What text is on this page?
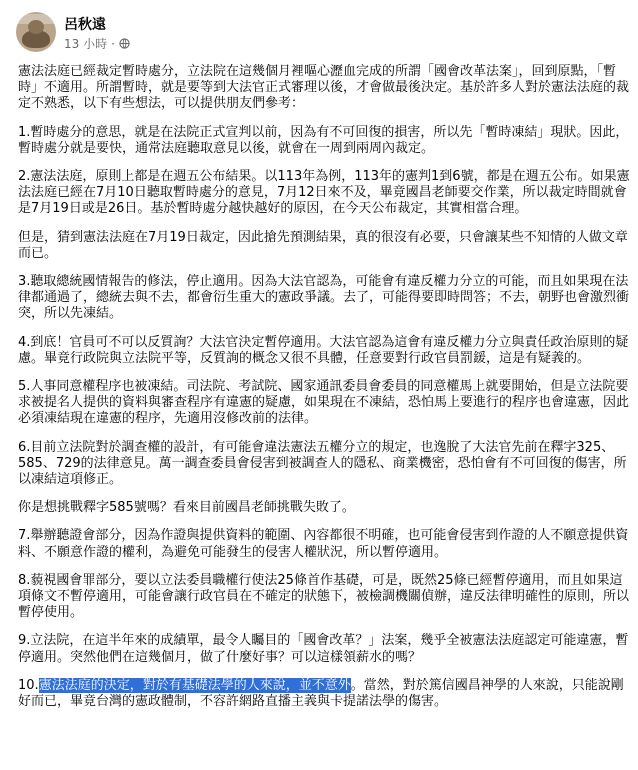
呂秋遠
13 小時 ·

憲法法庭已經裁定暫時處分，立法院在這幾個月裡嘔心瀝血完成的所謂「國會改革法案」，回到原點，「暫時」不適用。所謂暫時，就是要等到大法官正式審理以後，才會做最後決定。基於許多人對於憲法法庭的裁定不熟悉，以下有些想法，可以提供朋友們參考：

1.暫時處分的意思，就是在法院正式宣判以前，因為有不可回復的損害，所以先「暫時凍結」現狀。因此，暫時處分就是要快，通常法庭聽取意見以後，就會在一周到兩周內裁定。

2.憲法法庭，原則上都是在週五公布結果。以113年為例，113年的憲判1到6號，都是在週五公布。如果憲法法庭已經在7月10日聽取暫時處分的意見，7月12日來不及，畢竟國昌老師要交作業，所以裁定時間就會是7月19日或是26日。基於暫時處分越快越好的原因，在今天公布裁定，其實相當合理。

但是，猜到憲法法庭在7月19日裁定，因此搶先預測結果，真的很沒有必要，只會讓某些不知情的人做文章而已。

3.聽取總統國情報告的修法，停止適用。因為大法官認為，可能會有違反權力分立的可能，而且如果現在法律都通過了，總統去與不去，都會衍生重大的憲政爭議。去了，可能得要即時問答；不去，朝野也會激烈衝突，所以先凍結。

4.到底！官員可不可以反質詢？大法官決定暫停適用。大法官認為這會有違反權力分立與責任政治原則的疑慮。畢竟行政院與立法院平等，反質詢的概念又很不具體，任意要對行政官員罰鍰，這是有疑義的。

5.人事同意權程序也被凍結。司法院、考試院、國家通訊委員會委員的同意權馬上就要開始，但是立法院要求被提名人提供的資料與審查程序有違憲的疑慮，如果現在不凍結，恐怕馬上要進行的程序也會違憲，因此必須凍結現在違憲的程序，先適用沒修改前的法律。

6.目前立法院對於調查權的設計，有可能會違法憲法五權分立的規定，也逸脫了大法官先前在釋字325、585、729的法律意見。萬一調查委員會侵害到被調查人的隱私、商業機密，恐怕會有不可回復的傷害，所以凍結這項修正。

你是想挑戰釋字585號嗎？看來目前國昌老師挑戰失敗了。

7.舉辦聽證會部分，因為作證與提供資料的範圍、內容都很不明確，也可能會侵害到作證的人不願意提供資料、不願意作證的權利，為避免可能發生的侵害人權狀況，所以暫停適用。

8.藐視國會罪部分，要以立法委員職權行使法25條首作基礎，可是，既然25條已經暫停適用，而且如果這項條文不暫停適用，可能會讓行政官員在不確定的狀態下，被檢調機關偵辦，違反法律明確性的原則，所以暫停使用。

9.立法院，在這半年來的成績單，最令人矚目的「國會改革？」法案，幾乎全被憲法法庭認定可能違憲，暫停適用。突然他們在這幾個月，做了什麼好事？可以這樣領薪水的嗎？

10.憲法法庭的決定，對於有基礎法學的人來說，並不意外。當然，對於篤信國昌神學的人來說，只能說剛好而已，畢竟台灣的憲政體制，不容許網路直播主義與卡提諾法學的傷害。
